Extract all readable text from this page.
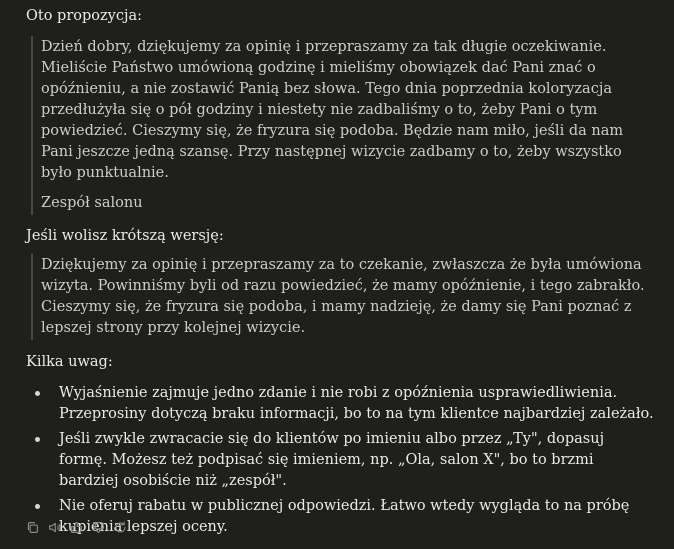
Oto propozycja:

Dzień dobry, dziękujemy za opinię i przepraszamy za tak długie oczekiwanie. Mieliście Państwo umówioną godzinę i mieliśmy obowiązek dać Pani znać o opóźnieniu, a nie zostawić Panią bez słowa. Tego dnia poprzednia koloryzacja przedłużyła się o pół godziny i niestety nie zadbaliśmy o to, żeby Pani o tym powiedzieć. Cieszymy się, że fryzura się podoba. Będzie nam miło, jeśli da nam Pani jeszcze jedną szansę. Przy następnej wizycie zadbamy o to, żeby wszystko było punktualnie.

Zespół salonu

Jeśli wolisz krótszą wersję:

Dziękujemy za opinię i przepraszamy za to czekanie, zwłaszcza że była umówiona wizyta. Powinniśmy byli od razu powiedzieć, że mamy opóźnienie, i tego zabrakło. Cieszymy się, że fryzura się podoba, i mamy nadzieję, że damy się Pani poznać z lepszej strony przy kolejnej wizycie.

Kilka uwag:

Wyjaśnienie zajmuje jedno zdanie i nie robi z opóźnienia usprawiedliwienia. Przeprosiny dotyczą braku informacji, bo to na tym klientce najbardziej zależało.
Jeśli zwykle zwracacie się do klientów po imieniu albo przez „Ty", dopasuj formę. Możesz też podpisać się imieniem, np. „Ola, salon X", bo to brzmi bardziej osobiście niż „zespół".
Nie oferuj rabatu w publicznej odpowiedzi. Łatwo wtedy wygląda to na próbę kupienia lepszej oceny.
